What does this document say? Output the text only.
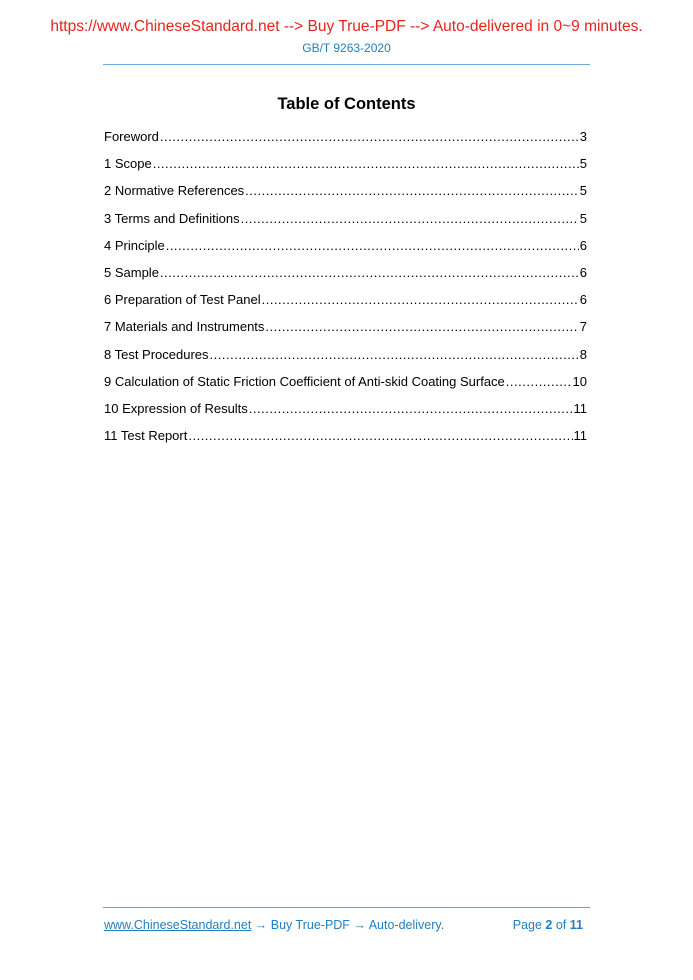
https://www.ChineseStandard.net --> Buy True-PDF --> Auto-delivered in 0~9 minutes.
GB/T 9263-2020
Table of Contents
Foreword .....	3
1 Scope .....	5
2 Normative References .....	5
3 Terms and Definitions .....	5
4 Principle .....	6
5 Sample .....	6
6 Preparation of Test Panel .....	6
7 Materials and Instruments .....	7
8 Test Procedures .....	8
9 Calculation of Static Friction Coefficient of Anti-skid Coating Surface .....	10
10 Expression of Results .....	11
11 Test Report .....	11
www.ChineseStandard.net → Buy True-PDF → Auto-delivery.	Page 2 of 11
